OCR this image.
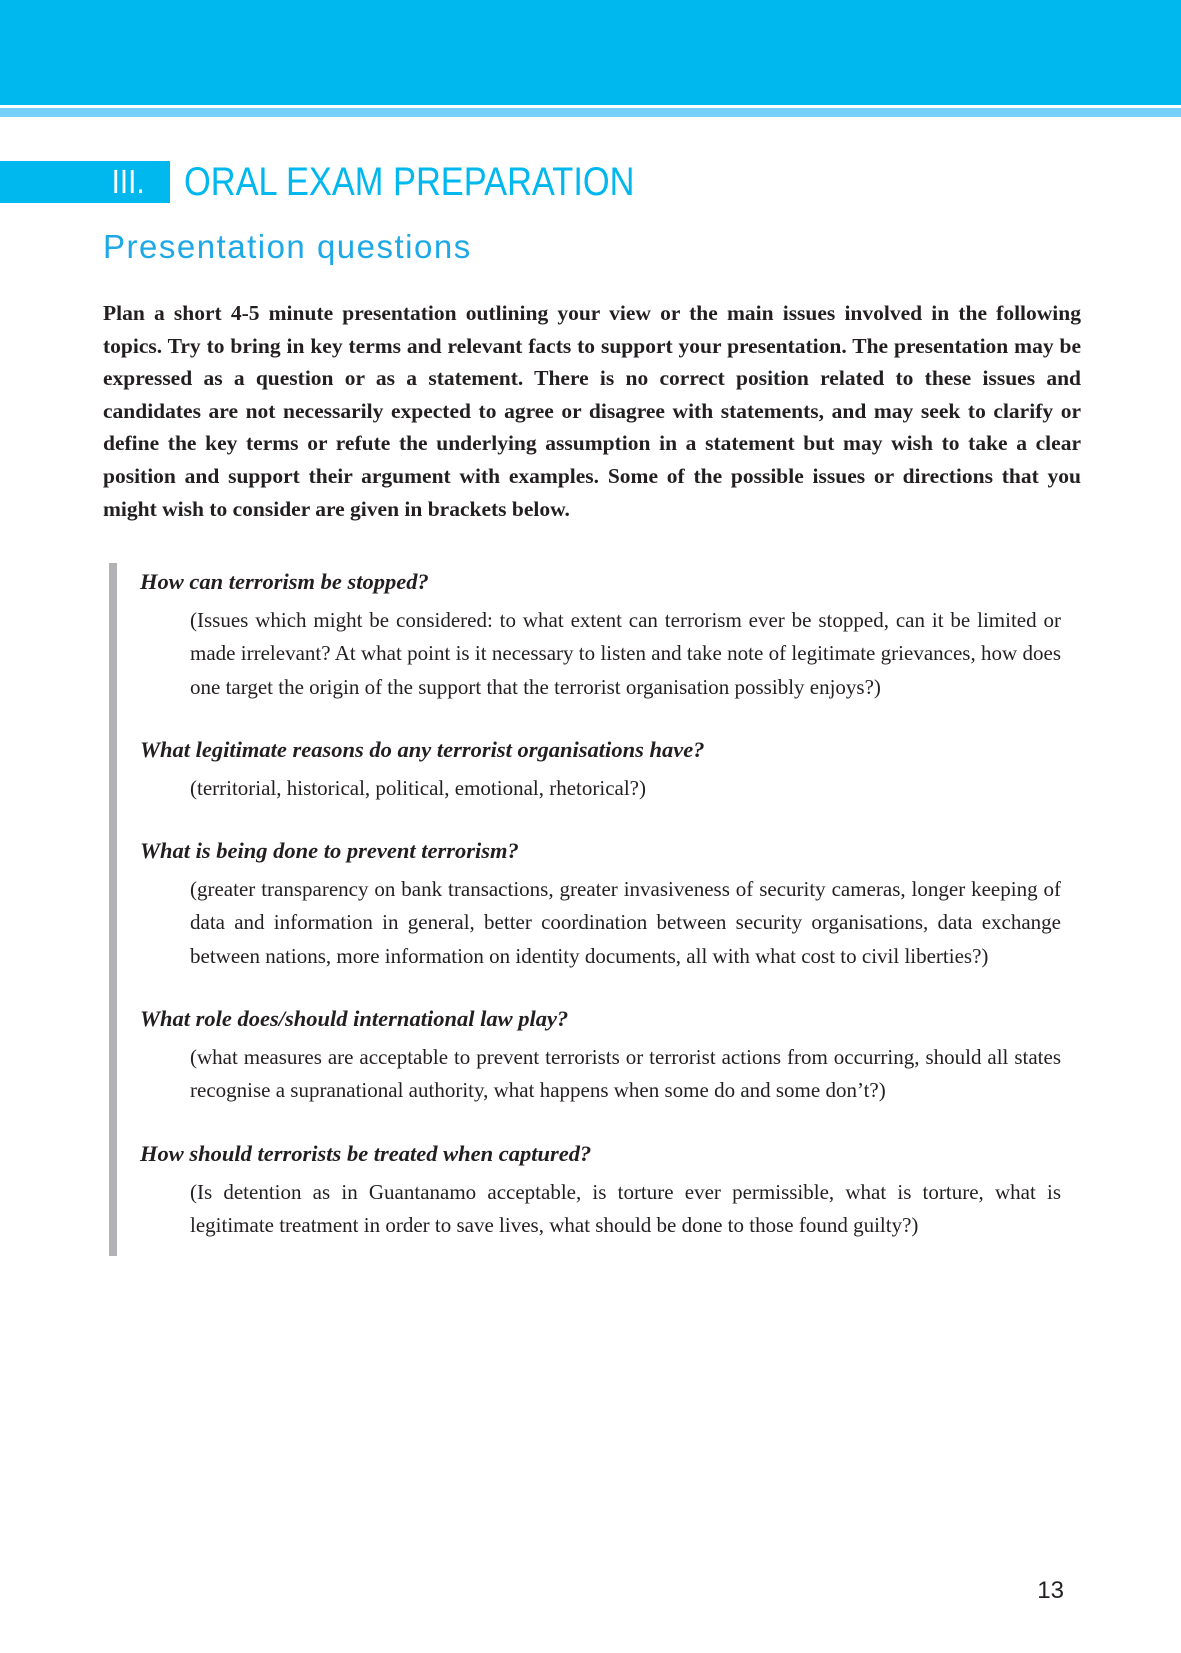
III. ORAL EXAM PREPARATION
Presentation questions

Plan a short 4-5 minute presentation outlining your view or the main issues involved in the following topics. Try to bring in key terms and relevant facts to support your presentation. The presentation may be expressed as a question or as a statement. There is no correct position related to these issues and candidates are not necessarily expected to agree or disagree with statements, and may seek to clarify or define the key terms or refute the underlying assumption in a statement but may wish to take a clear position and support their argument with examples. Some of the possible issues or directions that you might wish to consider are given in brackets below.

How can terrorism be stopped?

(Issues which might be considered: to what extent can terrorism ever be stopped, can it be limited or made irrelevant? At what point is it necessary to listen and take note of legitimate grievances, how does one target the origin of the support that the terrorist organisation possibly enjoys?)

What legitimate reasons do any terrorist organisations have?

(territorial, historical, political, emotional, rhetorical?)

What is being done to prevent terrorism?

(greater transparency on bank transactions, greater invasiveness of security cameras, longer keeping of data and information in general, better coordination between security organisations, data exchange between nations, more information on identity documents, all with what cost to civil liberties?)

What role does/should international law play?

(what measures are acceptable to prevent terrorists or terrorist actions from occurring, should all states recognise a supranational authority, what happens when some do and some don’t?)

How should terrorists be treated when captured?

(Is detention as in Guantanamo acceptable, is torture ever permissible, what is torture, what is legitimate treatment in order to save lives, what should be done to those found guilty?)

13
